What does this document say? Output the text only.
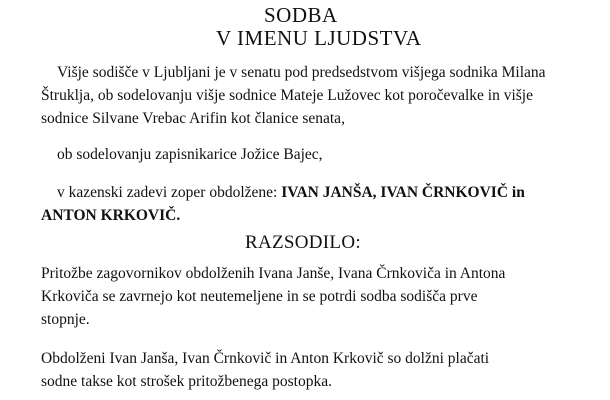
SODBA

V IMENU LJUDSTVA

Višje sodišče v Ljubljani je v senatu pod predsedstvom višjega sodnika Milana

Štruklja, ob sodelovanju višje sodnice Mateje Lužovec kot poročevalke in višje

sodnice Silvane Vrebac Arifin kot članice senata,

ob sodelovanju zapisnikarice Jožice Bajec,

v kazenski zadevi zoper obdolžene: IVAN JANŠA, IVAN ČRNKOVIČ in

ANTON KRKOVIČ.

RAZSODILO:

Pritožbe zagovornikov obdolženih Ivana Janše, Ivana Črnkoviča in Antona

Krkoviča se zavrnejo kot neutemeljene in se potrdi sodba sodišča prve

stopnje.

Obdolženi Ivan Janša, Ivan Črnkovič in Anton Krkovič so dolžni plačati

sodne takse kot strošek pritožbenega postopka.
